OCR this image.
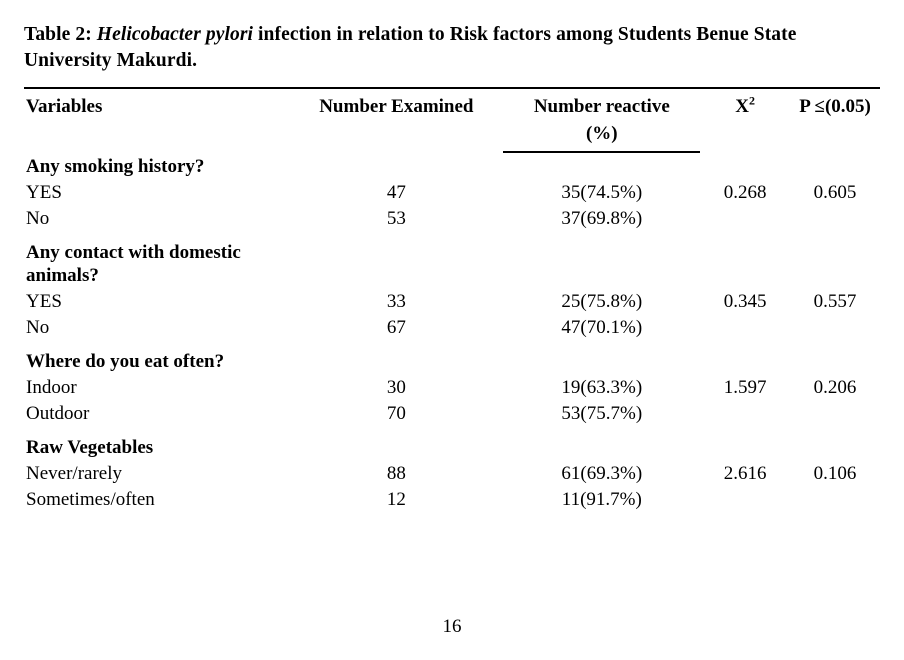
Table 2: Helicobacter pylori infection in relation to Risk factors among Students Benue State University Makurdi.

Variables	Number Examined	Number reactive	$X^2$	P ≤(0.05)
		(%)		
Any smoking history?				
YES	47	35(74.5%)	0.268	0.605
No	53	37(69.8%)		
Any contact with domestic animals?				
YES	33	25(75.8%)	0.345	0.557
No	67	47(70.1%)		
Where do you eat often?				
Indoor	30	19(63.3%)	1.597	0.206
Outdoor	70	53(75.7%)		
Raw Vegetables				
Never/rarely	88	61(69.3%)	2.616	0.106
Sometimes/often	12	11(91.7%)		
16
